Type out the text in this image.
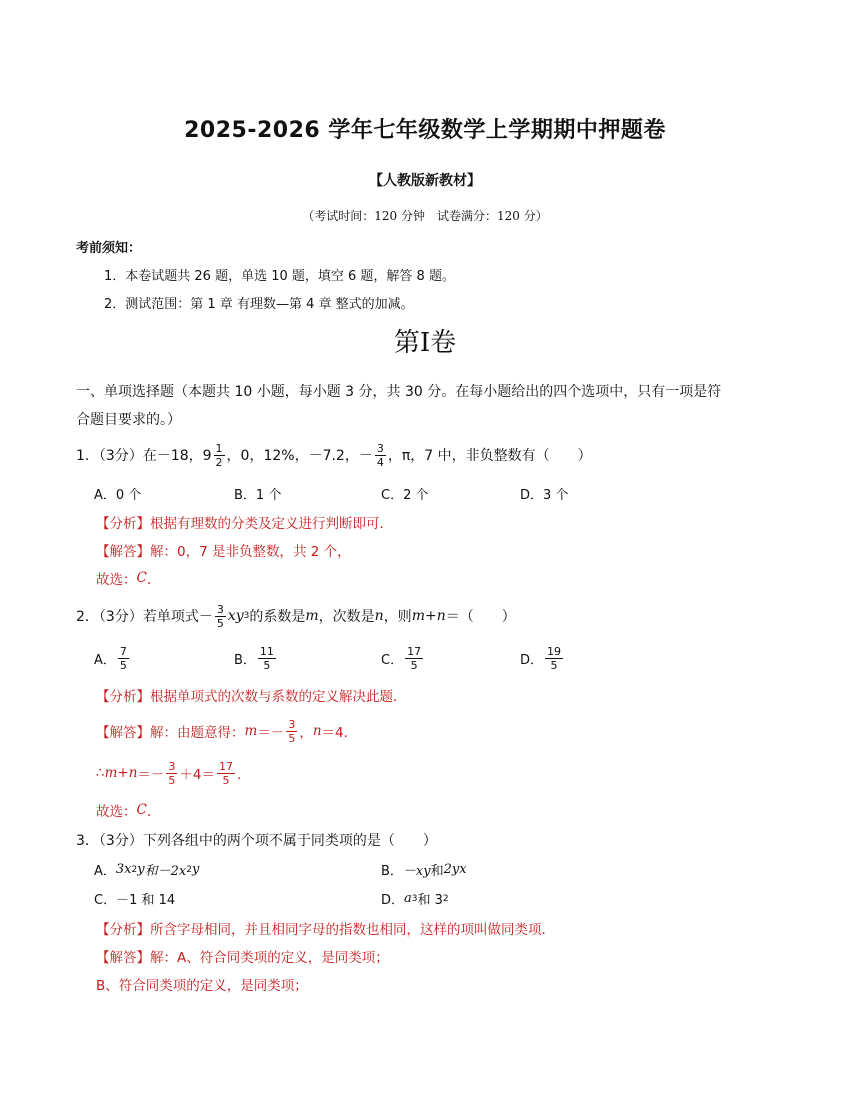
2025-2026 学年七年级数学上学期期中押题卷
【人教版新教材】
（考试时间：120 分钟　试卷满分：120 分）
考前须知：
1．本卷试题共 26 题，单选 10 题，填空 6 题，解答 8 题。
2．测试范围：第 1 章 有理数—第 4 章 整式的加减。
第I卷
一、单项选择题（本题共 10 小题，每小题 3 分，共 30 分。在每小题给出的四个选项中，只有一项是符
合题目要求的。）
1．（3分）在－18，$9 \frac{1}{2}$ ，0，12%，－7.2，－ $\frac{3}{4}$ ，π，7 中，非负整数有（　　）
A．0 个	B．1 个	C．2 个	D．3 个
【分析】根据有理数的分类及定义进行判断即可．
【解答】解：0，7 是非负整数，共 2 个，
故选： C ．
2．（3分）若单项式－ $\frac{3}{5}$ xy 3 的系数是 m ，次数是 n ，则 m+n ＝（　　）
A． $\frac{7}{5}$	B． $\frac{11}{5}$	C． $\frac{17}{5}$	D． $\frac{19}{5}$
【分析】根据单项式的次数与系数的定义解决此题．
【解答】解：由题意得： $m =- \frac{3}{5}$ ， n ＝4．
∴ $m+n =- \frac{3}{5} +4= \frac{17}{5}$ ．
故选： C ．
3．（3分）下列各组中的两个项不属于同类项的是（　　）
A． 3x 2 y 和－2x 2 y	B． －xy 和 2yx
C．－1 和 14	D． a 3 和 3 2
【分析】所含字母相同，并且相同字母的指数也相同，这样的项叫做同类项．
【解答】解：A、符合同类项的定义，是同类项；
B、符合同类项的定义，是同类项；
